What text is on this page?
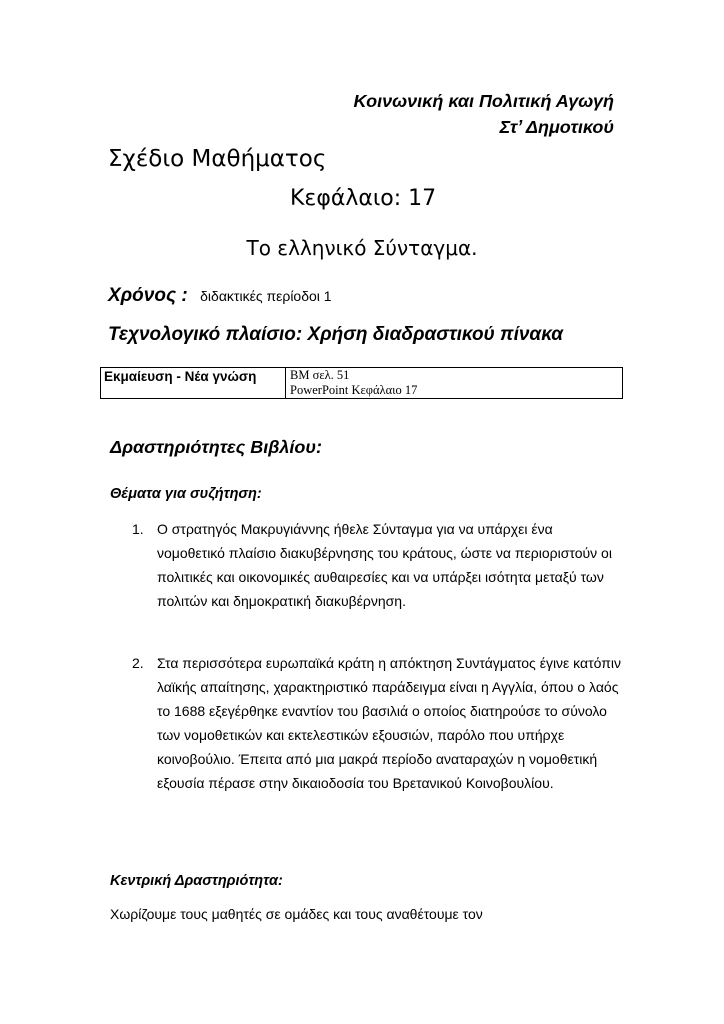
Κοινωνική και Πολιτική Αγωγή
Στ’ Δημοτικού
Σχέδιο Μαθήματος
Κεφάλαιο: 17
Το ελληνικό Σύνταγμα.
Χρόνος : διδακτικές περίοδοι 1
Τεχνολογικό πλαίσιο: Χρήση διαδραστικού πίνακα
Εκμαίευση - Νέα γνώση	ΒΜ σελ. 51
PowerPoint Κεφάλαιο 17
Δραστηριότητες Βιβλίου:
Θέματα για συζήτηση:
1. Ο στρατηγός Μακρυγιάννης ήθελε Σύνταγμα για να υπάρχει ένα νομοθετικό πλαίσιο διακυβέρνησης του κράτους, ώστε να περιοριστούν οι πολιτικές και οικονομικές αυθαιρεσίες και να υπάρξει ισότητα μεταξύ των πολιτών και δημοκρατική διακυβέρνηση.
2. Στα περισσότερα ευρωπαϊκά κράτη η απόκτηση Συντάγματος έγινε κατόπιν λαϊκής απαίτησης, χαρακτηριστικό παράδειγμα είναι η Αγγλία, όπου ο λαός το 1688 εξεγέρθηκε εναντίον του βασιλιά ο οποίος διατηρούσε το σύνολο των νομοθετικών και εκτελεστικών εξουσιών, παρόλο που υπήρχε κοινοβούλιο. Έπειτα από μια μακρά περίοδο αναταραχών η νομοθετική εξουσία πέρασε στην δικαιοδοσία του Βρετανικού Κοινοβουλίου.
Κεντρική Δραστηριότητα:
Χωρίζουμε τους μαθητές σε ομάδες και τους αναθέτουμε τον
